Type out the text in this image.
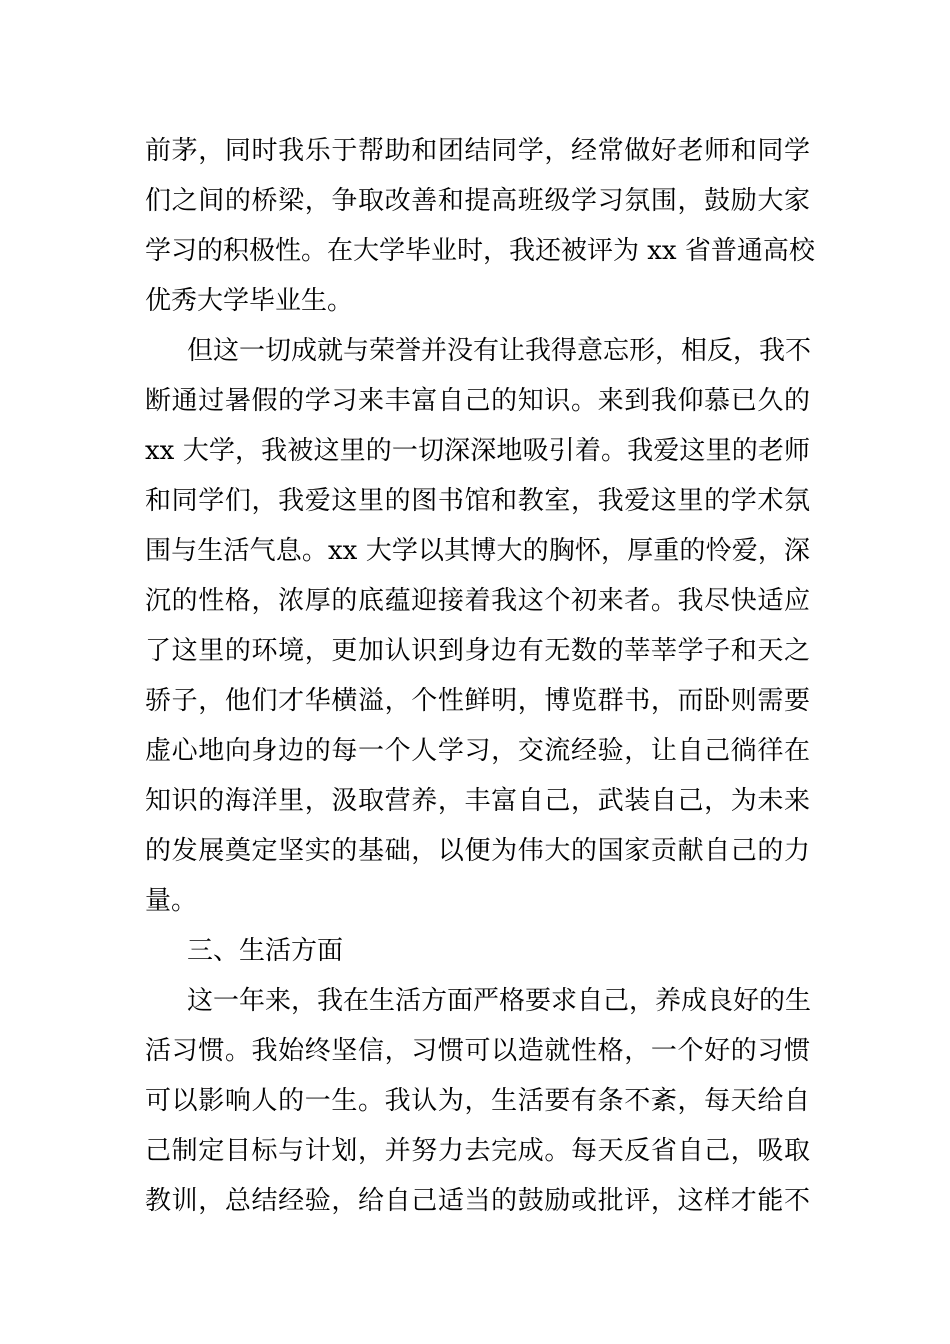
前茅，同时我乐于帮助和团结同学，经常做好老师和同学
们之间的桥梁，争取改善和提高班级学习氛围，鼓励大家
学习的积极性。在大学毕业时，我还被评为 xx 省普通高校
优秀大学毕业生。
但这一切成就与荣誉并没有让我得意忘形，相反，我不
断通过暑假的学习来丰富自己的知识。来到我仰慕已久的
xx 大学，我被这里的一切深深地吸引着。我爱这里的老师
和同学们，我爱这里的图书馆和教室，我爱这里的学术氛
围与生活气息。xx 大学以其博大的胸怀，厚重的怜爱，深
沉的性格，浓厚的底蕴迎接着我这个初来者。我尽快适应
了这里的环境，更加认识到身边有无数的莘莘学子和天之
骄子，他们才华横溢，个性鲜明，博览群书，而卧则需要
虚心地向身边的每一个人学习，交流经验，让自己徜徉在
知识的海洋里，汲取营养，丰富自己，武装自己，为未来
的发展奠定坚实的基础，以便为伟大的国家贡献自己的力
量。
三、生活方面
这一年来，我在生活方面严格要求自己，养成良好的生
活习惯。我始终坚信，习惯可以造就性格，一个好的习惯
可以影响人的一生。我认为，生活要有条不紊，每天给自
己制定目标与计划，并努力去完成。每天反省自己，吸取
教训，总结经验，给自己适当的鼓励或批评，这样才能不
